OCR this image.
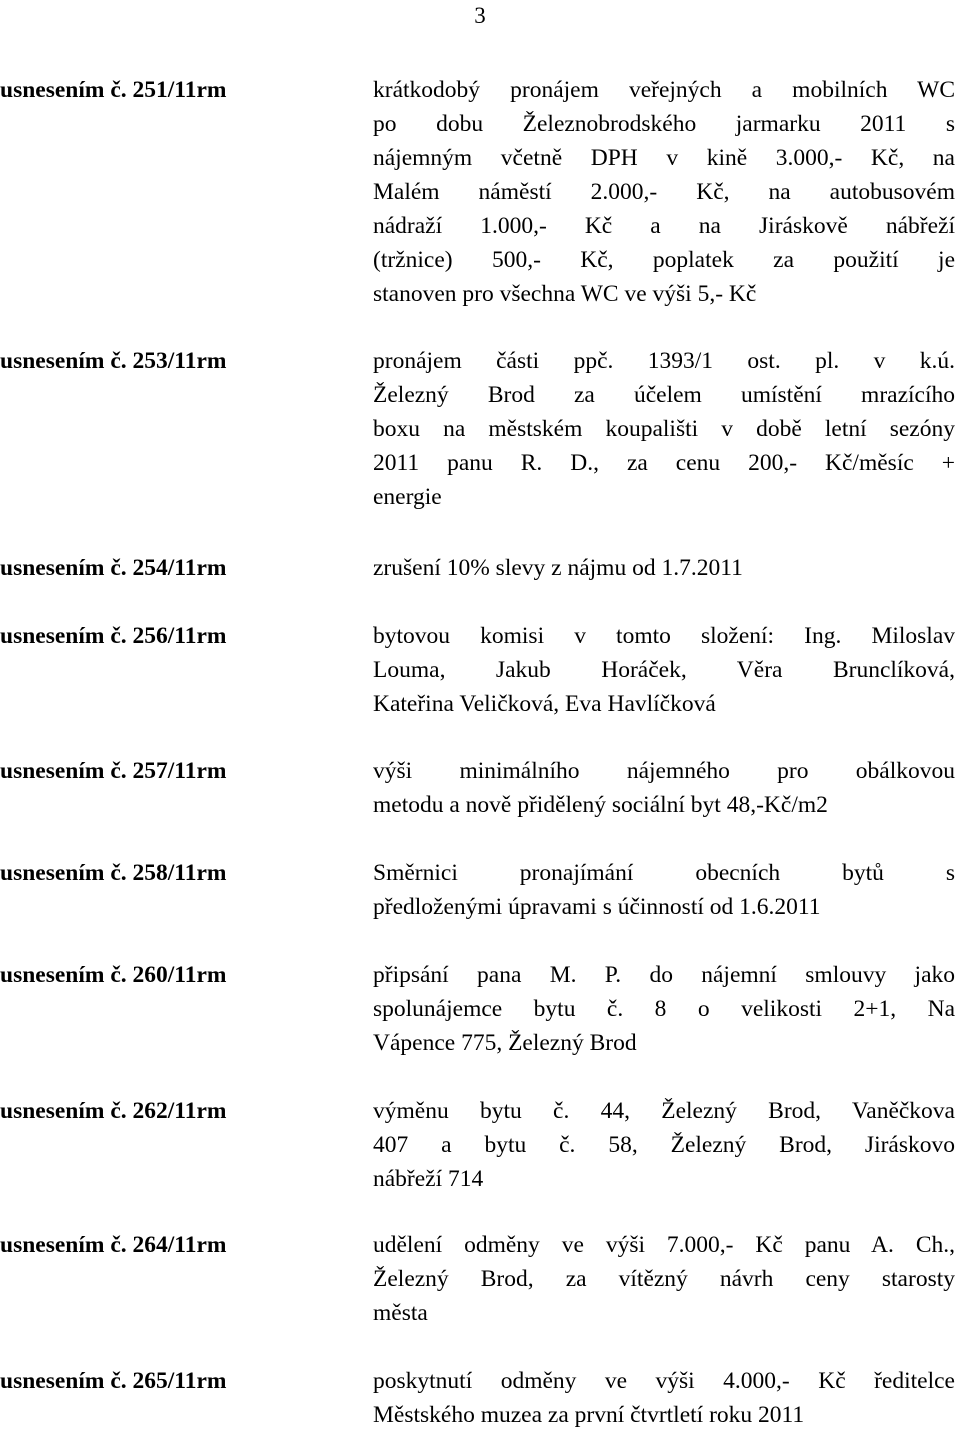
3
usnesením č. 251/11rm	krátkodobý pronájem veřejných a mobilních WC
po dobu Železnobrodského jarmarku 2011 s
nájemným včetně DPH v kině 3.000,- Kč, na
Malém náměstí 2.000,- Kč, na autobusovém
nádraží 1.000,- Kč a na Jiráskově nábřeží
(tržnice) 500,- Kč, poplatek za použití je
stanoven pro všechna WC ve výši 5,- Kč
usnesením č. 253/11rm	pronájem části ppč. 1393/1 ost. pl. v k.ú.
Železný Brod za účelem umístění mrazícího
boxu na městském koupališti v době letní sezóny
2011 panu R. D., za cenu 200,- Kč/měsíc +
energie
usnesením č. 254/11rm	zrušení 10% slevy z nájmu od 1.7.2011
usnesením č. 256/11rm	bytovou komisi v tomto složení: Ing. Miloslav
Louma, Jakub Horáček, Věra Brunclíková,
Kateřina Veličková, Eva Havlíčková
usnesením č. 257/11rm	výši minimálního nájemného pro obálkovou
metodu a nově přidělený sociální byt 48,-Kč/m2
usnesením č. 258/11rm	Směrnici pronajímání obecních bytů s
předloženými úpravami s účinností od 1.6.2011
usnesením č. 260/11rm	připsání pana M. P. do nájemní smlouvy jako
spolunájemce bytu č. 8 o velikosti 2+1, Na
Vápence 775, Železný Brod
usnesením č. 262/11rm	výměnu bytu č. 44, Železný Brod, Vaněčkova
407 a bytu č. 58, Železný Brod, Jiráskovo
nábřeží 714
usnesením č. 264/11rm	udělení odměny ve výši 7.000,- Kč panu A. Ch.,
Železný Brod, za vítězný návrh ceny starosty
města
usnesením č. 265/11rm	poskytnutí odměny ve výši 4.000,- Kč ředitelce
Městského muzea za první čtvrtletí roku 2011
